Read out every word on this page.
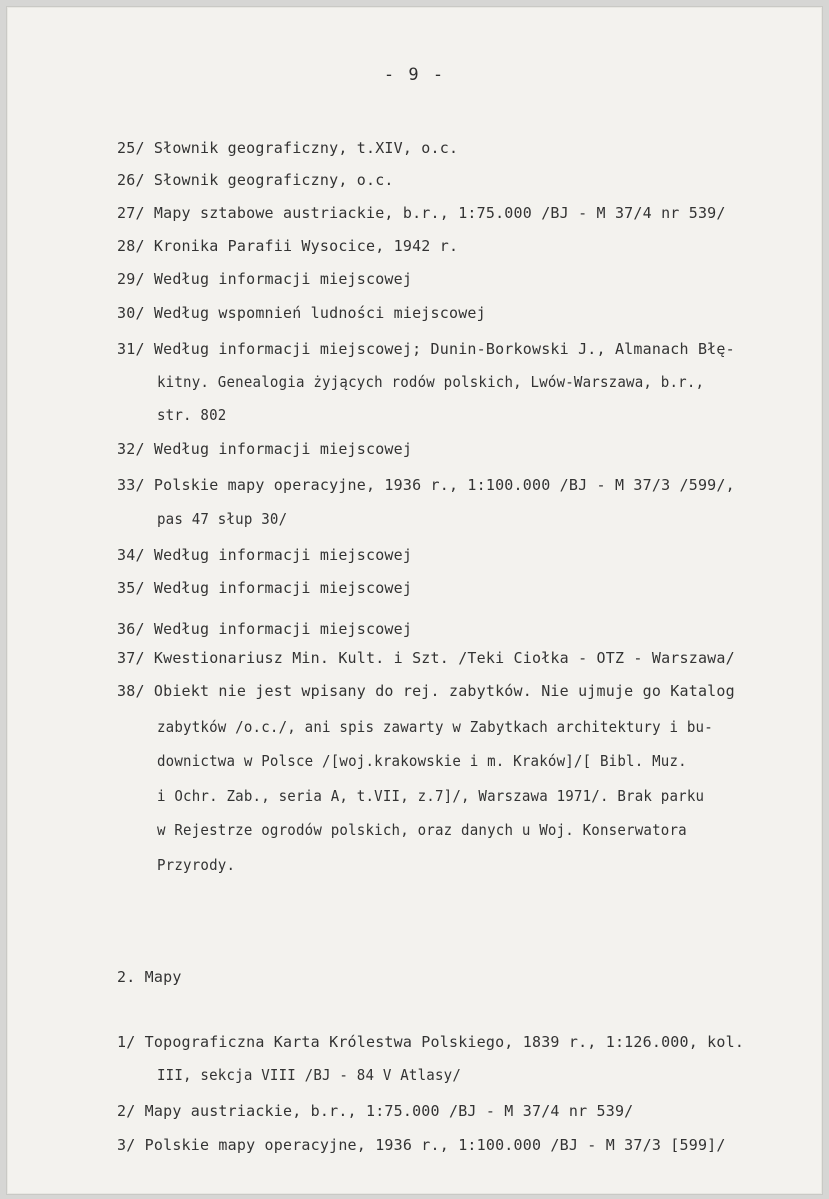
- 9 -
25/ Słownik geograficzny, t.XIV, o.c.
26/ Słownik geograficzny, o.c.
27/ Mapy sztabowe austriackie, b.r., 1:75.000 /BJ - M 37/4 nr 539/
28/ Kronika Parafii Wysocice, 1942 r.
29/ Według informacji miejscowej
30/ Według wspomnień ludności miejscowej
31/ Według informacji miejscowej; Dunin-Borkowski J., Almanach Błę-
kitny. Genealogia żyjących rodów polskich, Lwów-Warszawa, b.r.,
str. 802
32/ Według informacji miejscowej
33/ Polskie mapy operacyjne, 1936 r., 1:100.000 /BJ - M 37/3 /599/,
pas 47 słup 30/
34/ Według informacji miejscowej
35/ Według informacji miejscowej
36/ Według informacji miejscowej
37/ Kwestionariusz Min. Kult. i Szt. /Teki Ciołka - OTZ - Warszawa/
38/ Obiekt nie jest wpisany do rej. zabytków. Nie ujmuje go Katalog
zabytków /o.c./, ani spis zawarty w Zabytkach architektury i bu-
downictwa w Polsce /[woj.krakowskie i m. Kraków]/[ Bibl. Muz.
i Ochr. Zab., seria A, t.VII, z.7]/, Warszawa 1971/. Brak parku
w Rejestrze ogrodów polskich, oraz danych u Woj. Konserwatora
Przyrody.
2. Mapy
1/ Topograficzna Karta Królestwa Polskiego, 1839 r., 1:126.000, kol.
III, sekcja VIII /BJ - 84 V Atlasy/
2/ Mapy austriackie, b.r., 1:75.000 /BJ - M 37/4 nr 539/
3/ Polskie mapy operacyjne, 1936 r., 1:100.000 /BJ - M 37/3 [599]/
